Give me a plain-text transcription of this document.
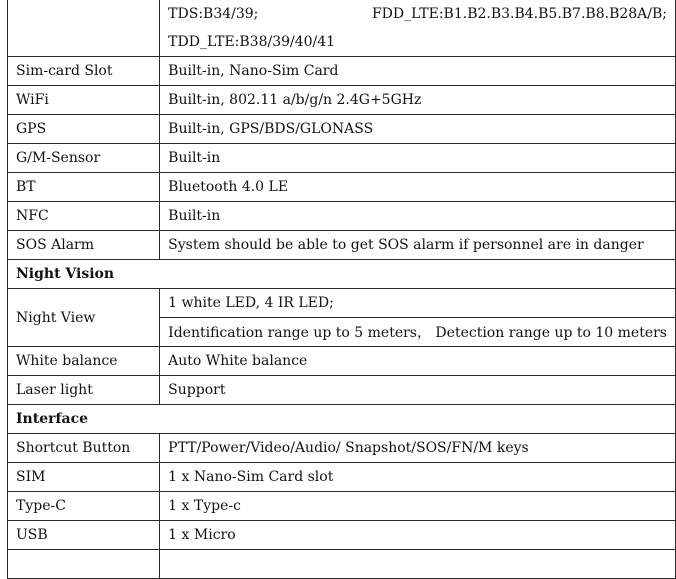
	TDS:B34/39; FDD_LTE:B1.B2.B3.B4.B5.B7.B8.B28A/B;

	TDD_LTE:B38/39/40/41
Sim-card Slot	Built-in, Nano-Sim Card
WiFi	Built-in, 802.11 a/b/g/n 2.4G+5GHz
GPS	Built-in, GPS/BDS/GLONASS
G/M-Sensor	Built-in
BT	Bluetooth 4.0 LE
NFC	Built-in
SOS Alarm	System should be able to get SOS alarm if personnel are in danger
Night Vision	
Night View	1 white LED, 4 IR LED;
	Identification range up to 5 meters， Detection range up to 10 meters
White balance	Auto White balance
Laser light	Support
Interface	
Shortcut Button	PTT/Power/Video/Audio/ Snapshot/SOS/FN/M keys
SIM	1 x Nano-Sim Card slot
Type-C	1 x Type-c
USB	1 x Micro
